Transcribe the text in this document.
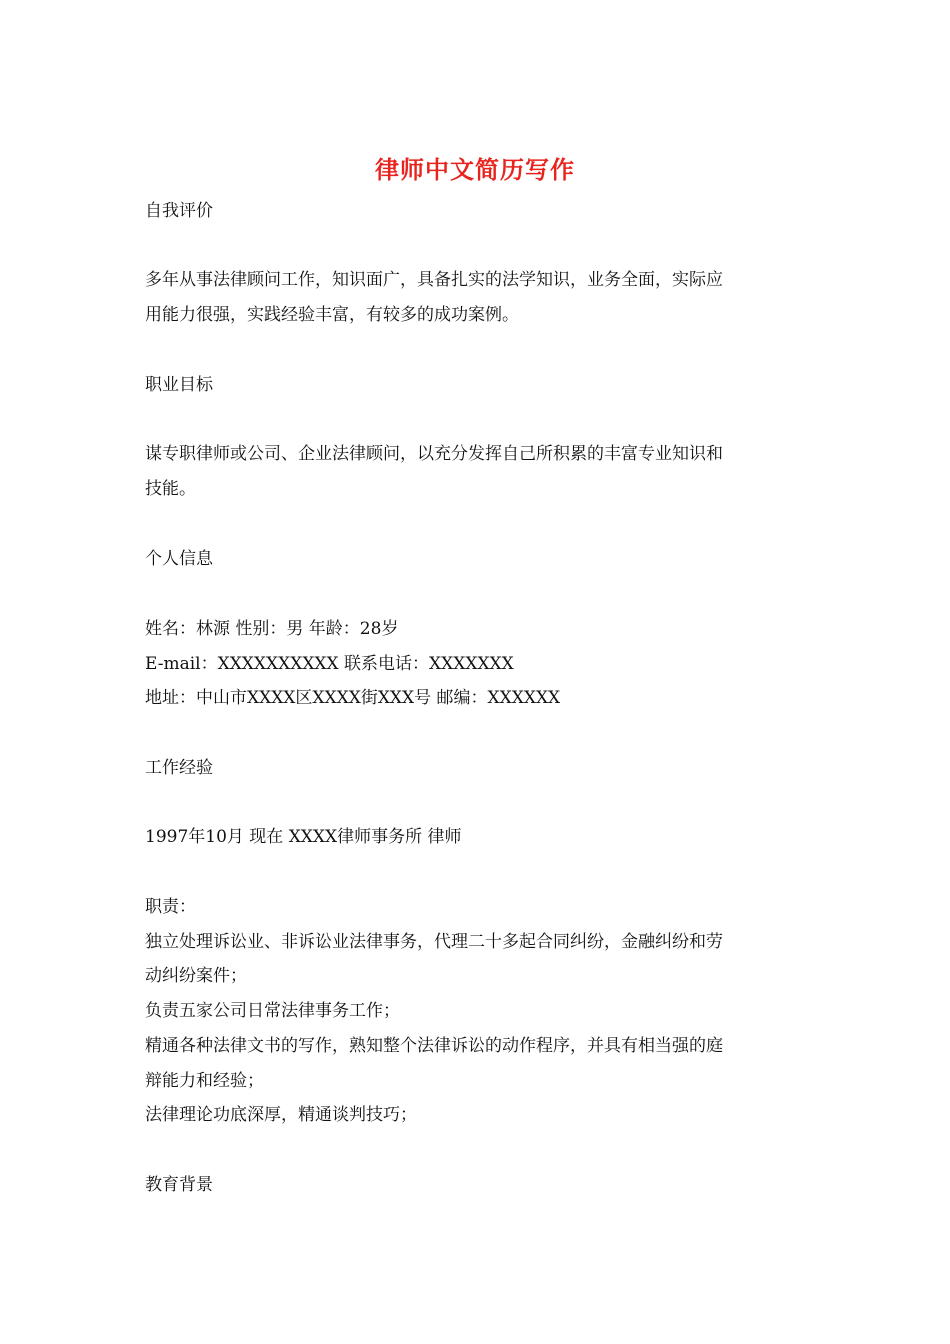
律师中文简历写作

自我评价

多年从事法律顾问工作，知识面广，具备扎实的法学知识，业务全面，实际应

用能力很强，实践经验丰富，有较多的成功案例。

职业目标

谋专职律师或公司、企业法律顾问，以充分发挥自己所积累的丰富专业知识和

技能。

个人信息

姓名：林源 性别：男 年龄：28岁

E-mail：XXXXXXXXXX 联系电话：XXXXXXX

地址：中山市XXXX区XXXX街XXX号 邮编：XXXXXX

工作经验

1997年10月 现在 XXXX律师事务所 律师

职责：

独立处理诉讼业、非诉讼业法律事务，代理二十多起合同纠纷，金融纠纷和劳

动纠纷案件；

负责五家公司日常法律事务工作；

精通各种法律文书的写作，熟知整个法律诉讼的动作程序，并具有相当强的庭

辩能力和经验；

法律理论功底深厚，精通谈判技巧；

教育背景
